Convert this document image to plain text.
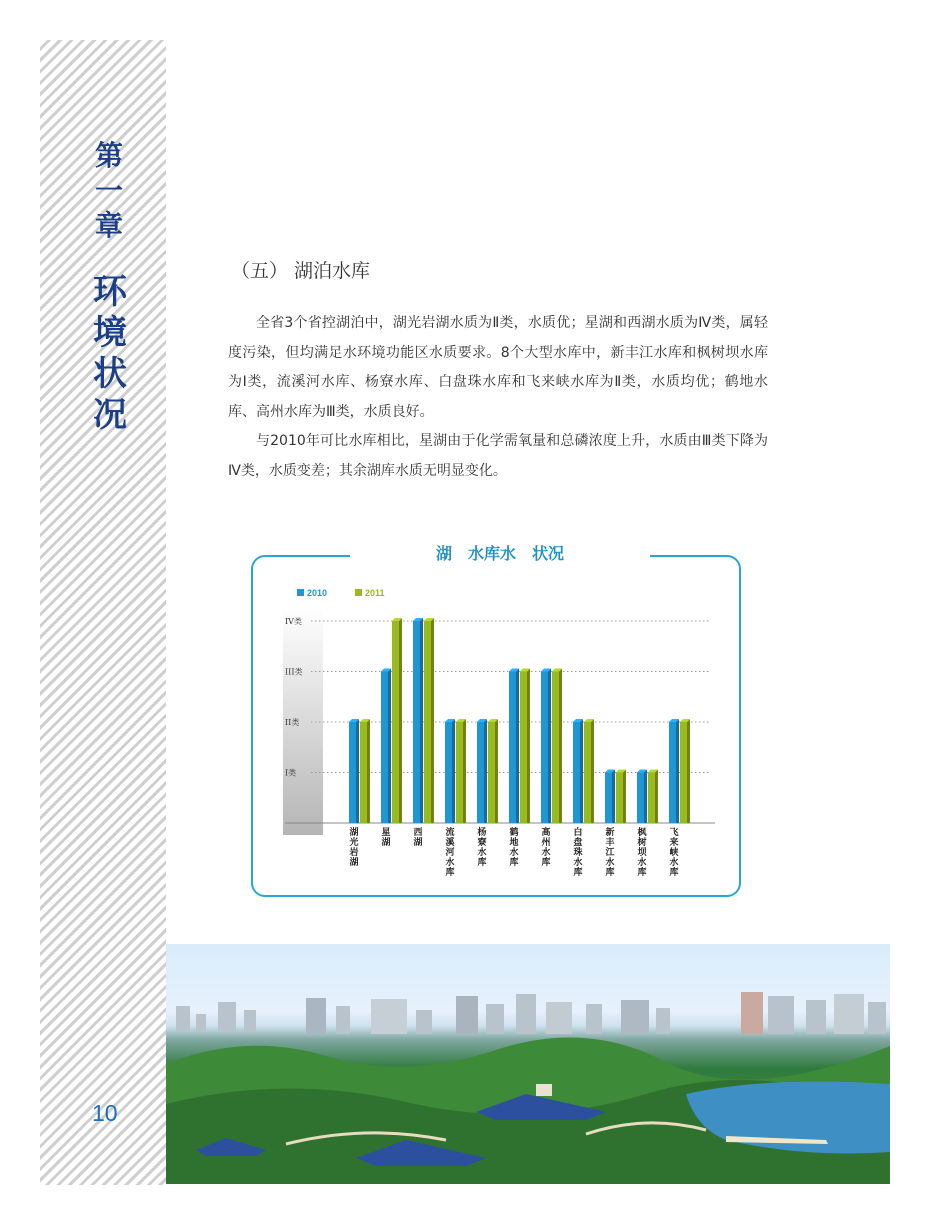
第一章
环境状况
10
（五） 湖泊水库

全省3个省控湖泊中，湖光岩湖水质为Ⅱ类，水质优；星湖和西湖水质为Ⅳ类，属轻度污染，但均满足水环境功能区水质要求。8个大型水库中，新丰江水库和枫树坝水库为Ⅰ类，流溪河水库、杨寮水库、白盘珠水库和飞来峡水库为Ⅱ类，水质均优；鹤地水库、高州水库为Ⅲ类，水质良好。

与2010年可比水库相比，星湖由于化学需氧量和总磷浓度上升，水质由Ⅲ类下降为Ⅳ类，水质变差；其余湖库水质无明显变化。

湖　水库水　状况
I类
II类
III类
IV类
2010	2011
湖光岩湖
星湖
西湖
流溪河水库
杨寮水库
鹤地水库
高州水库
白盘珠水库
新丰江水库
枫树坝水库
飞来峡水库
